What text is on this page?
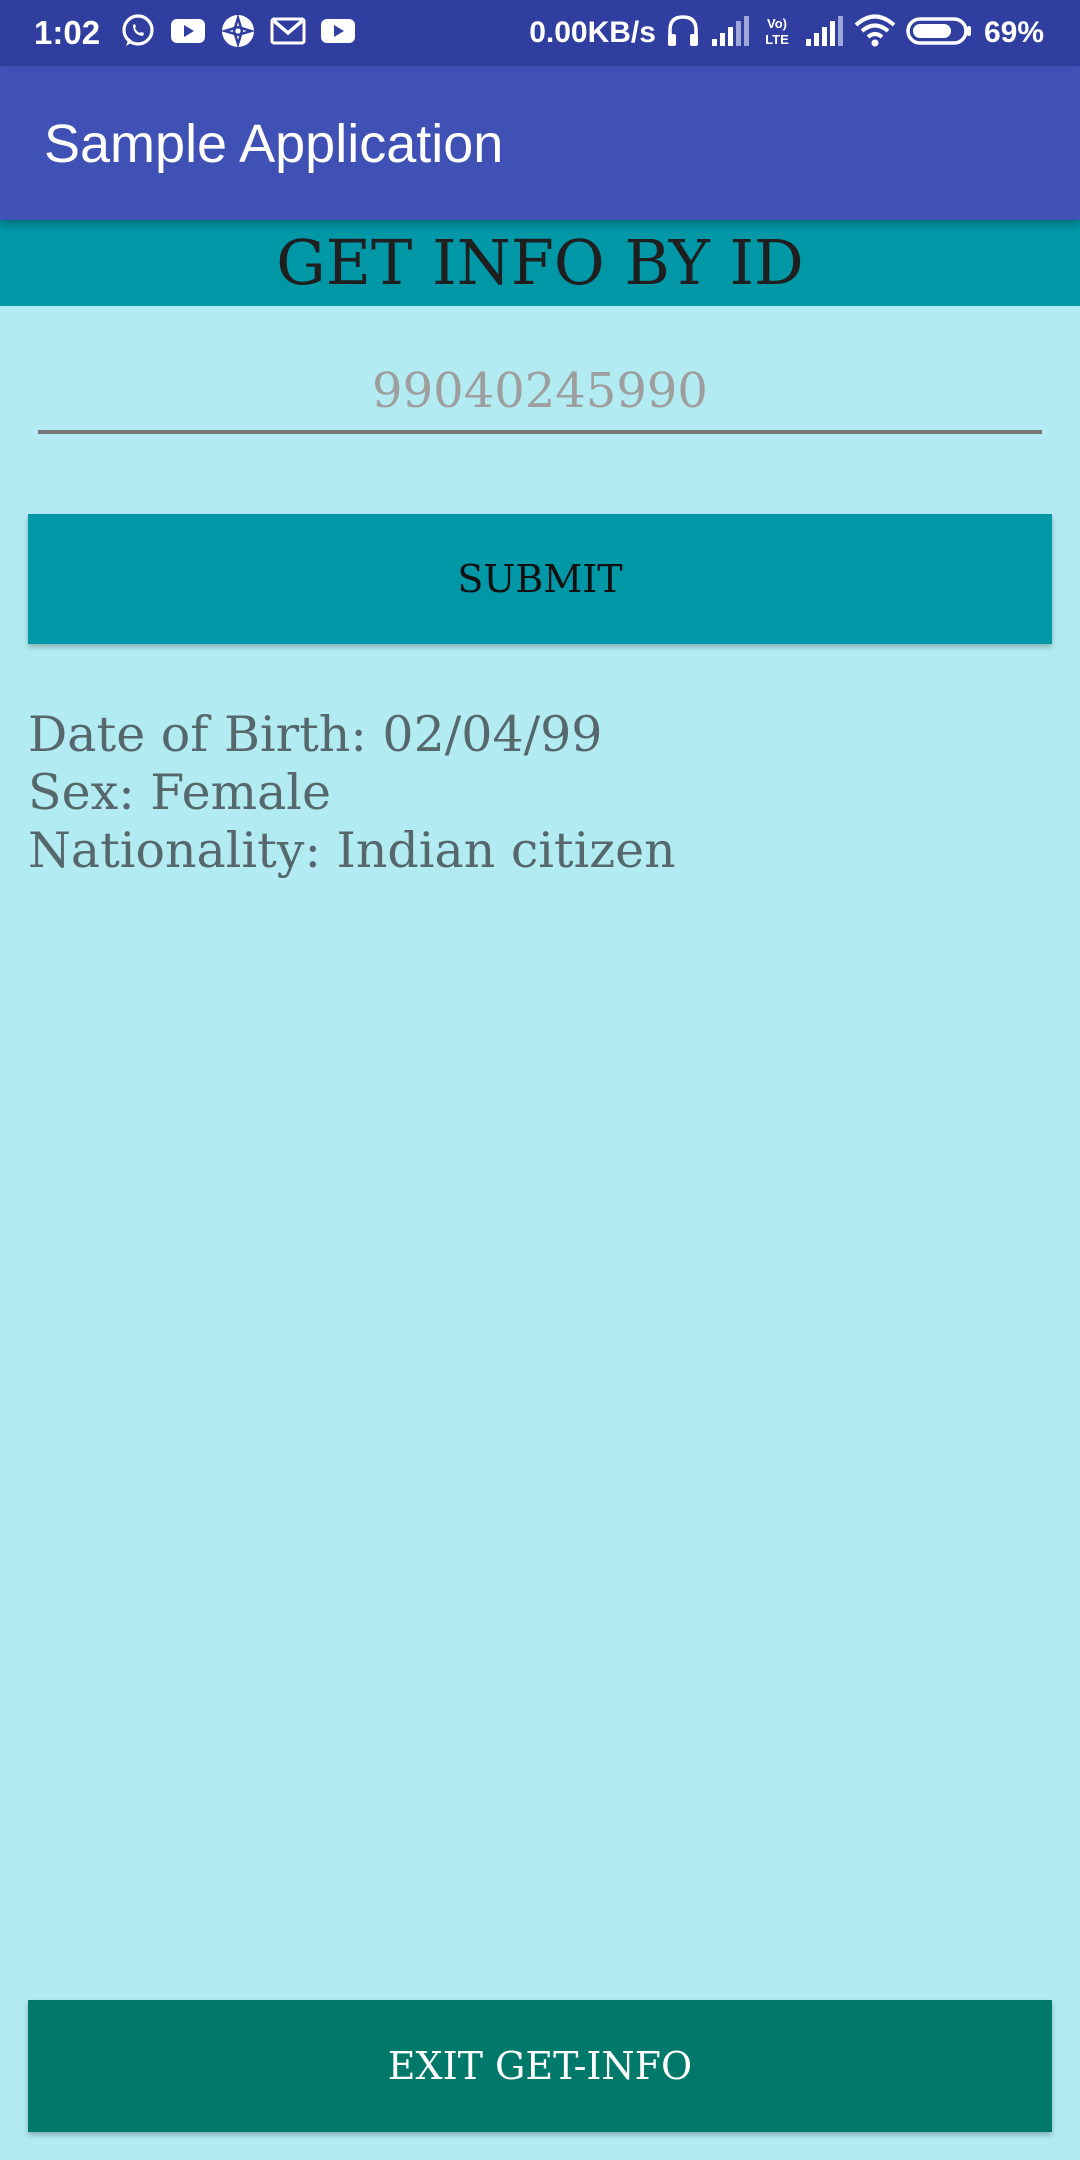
1:02	0.00KB/s	Vo)
LTE	69%
Sample Application
GET INFO BY ID
99040245990
SUBMIT
Date of Birth: 02/04/99
Sex: Female
Nationality: Indian citizen
EXIT GET-INFO
